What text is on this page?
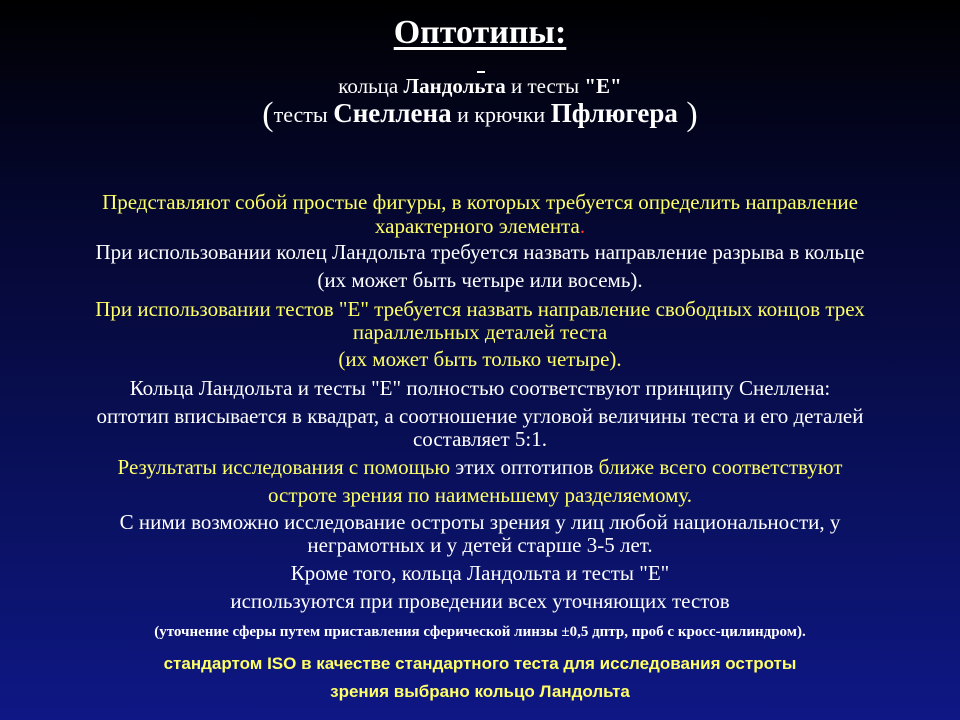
Оптотипы:
кольца Ландольта и тесты "Е"
(тесты Снеллена и крючки Пфлюгера )
Представляют собой простые фигуры, в которых требуется определить направление
характерного элемента.
При использовании колец Ландольта требуется назвать направление разрыва в кольце
(их может быть четыре или восемь).
При использовании тестов "Е" требуется назвать направление свободных концов трех
параллельных деталей теста
(их может быть только четыре).
Кольца Ландольта и тесты "Е" полностью соответствуют принципу Снеллена:
оптотип вписывается в квадрат, а соотношение угловой величины теста и его деталей
составляет 5:1.
Результаты исследования с помощью этих оптотипов ближе всего соответствуют
остроте зрения по наименьшему разделяемому.
С ними возможно исследование остроты зрения у лиц любой национальности, у
неграмотных и у детей старше 3-5 лет.
Кроме того, кольца Ландольта и тесты "Е"
используются при проведении всех уточняющих тестов
(уточнение сферы путем приставления сферической линзы ±0,5 дптр, проб с кросс-цилиндром).
стандартом ISO в качестве стандартного теста для исследования остроты
зрения выбрано кольцо Ландольта
